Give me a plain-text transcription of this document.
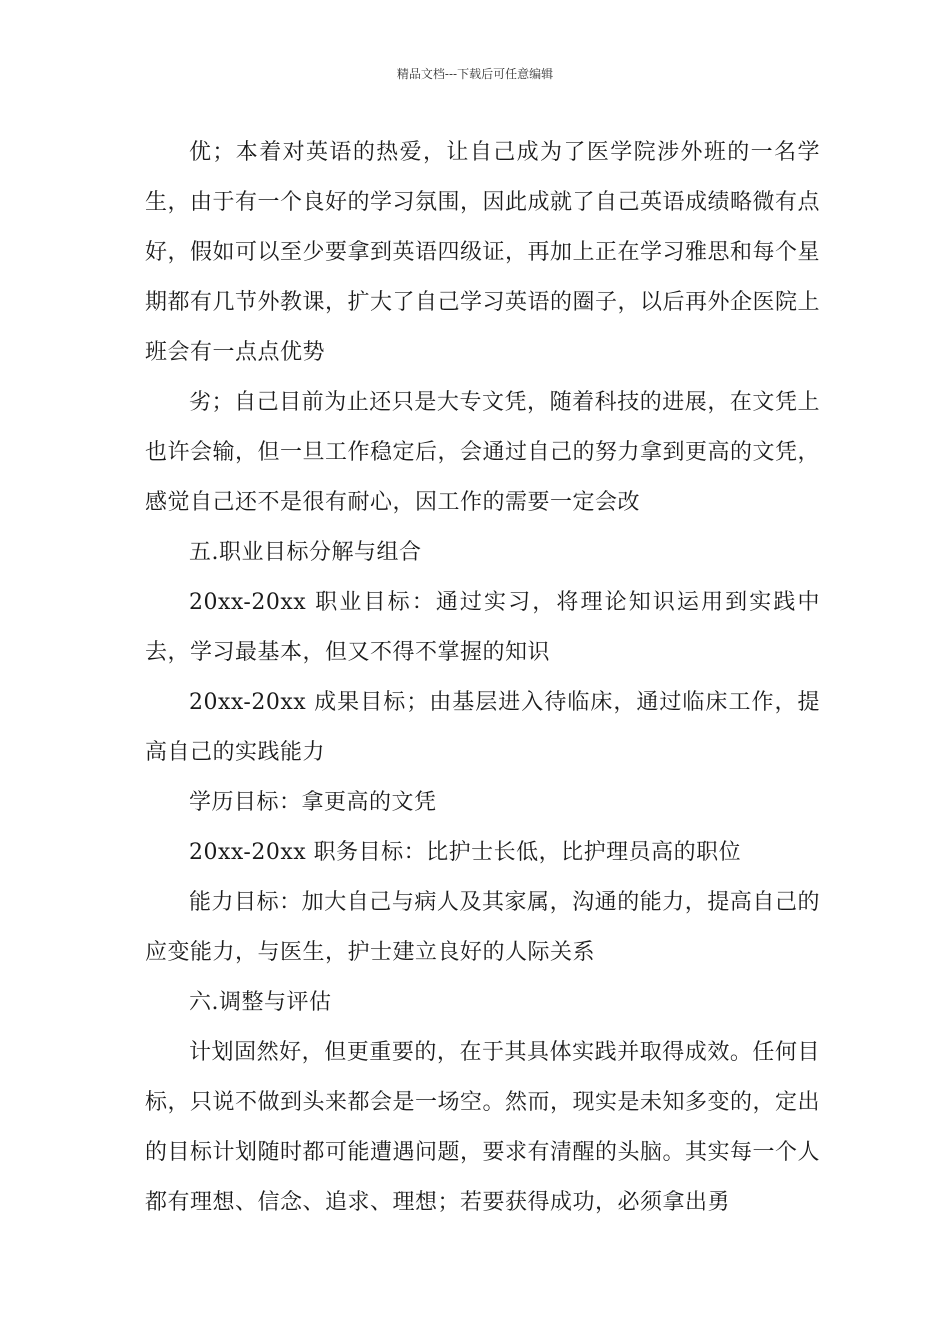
精品文档---下载后可任意编辑

优；本着对英语的热爱，让自己成为了医学院涉外班的一名学生，由于有一个良好的学习氛围，因此成就了自己英语成绩略微有点好，假如可以至少要拿到英语四级证，再加上正在学习雅思和每个星期都有几节外教课，扩大了自己学习英语的圈子，以后再外企医院上班会有一点点优势

劣；自己目前为止还只是大专文凭，随着科技的进展，在文凭上也许会输，但一旦工作稳定后，会通过自己的努力拿到更高的文凭，感觉自己还不是很有耐心，因工作的需要一定会改

五.职业目标分解与组合

20xx-20xx 职业目标：通过实习，将理论知识运用到实践中去，学习最基本，但又不得不掌握的知识

20xx-20xx 成果目标；由基层进入待临床，通过临床工作，提高自己的实践能力

学历目标：拿更高的文凭

20xx-20xx 职务目标：比护士长低，比护理员高的职位

能力目标：加大自己与病人及其家属，沟通的能力，提高自己的应变能力，与医生，护士建立良好的人际关系

六.调整与评估

计划固然好，但更重要的，在于其具体实践并取得成效。任何目标，只说不做到头来都会是一场空。然而，现实是未知多变的，定出的目标计划随时都可能遭遇问题，要求有清醒的头脑。其实每一个人都有理想、信念、追求、理想；若要获得成功，必须拿出勇
